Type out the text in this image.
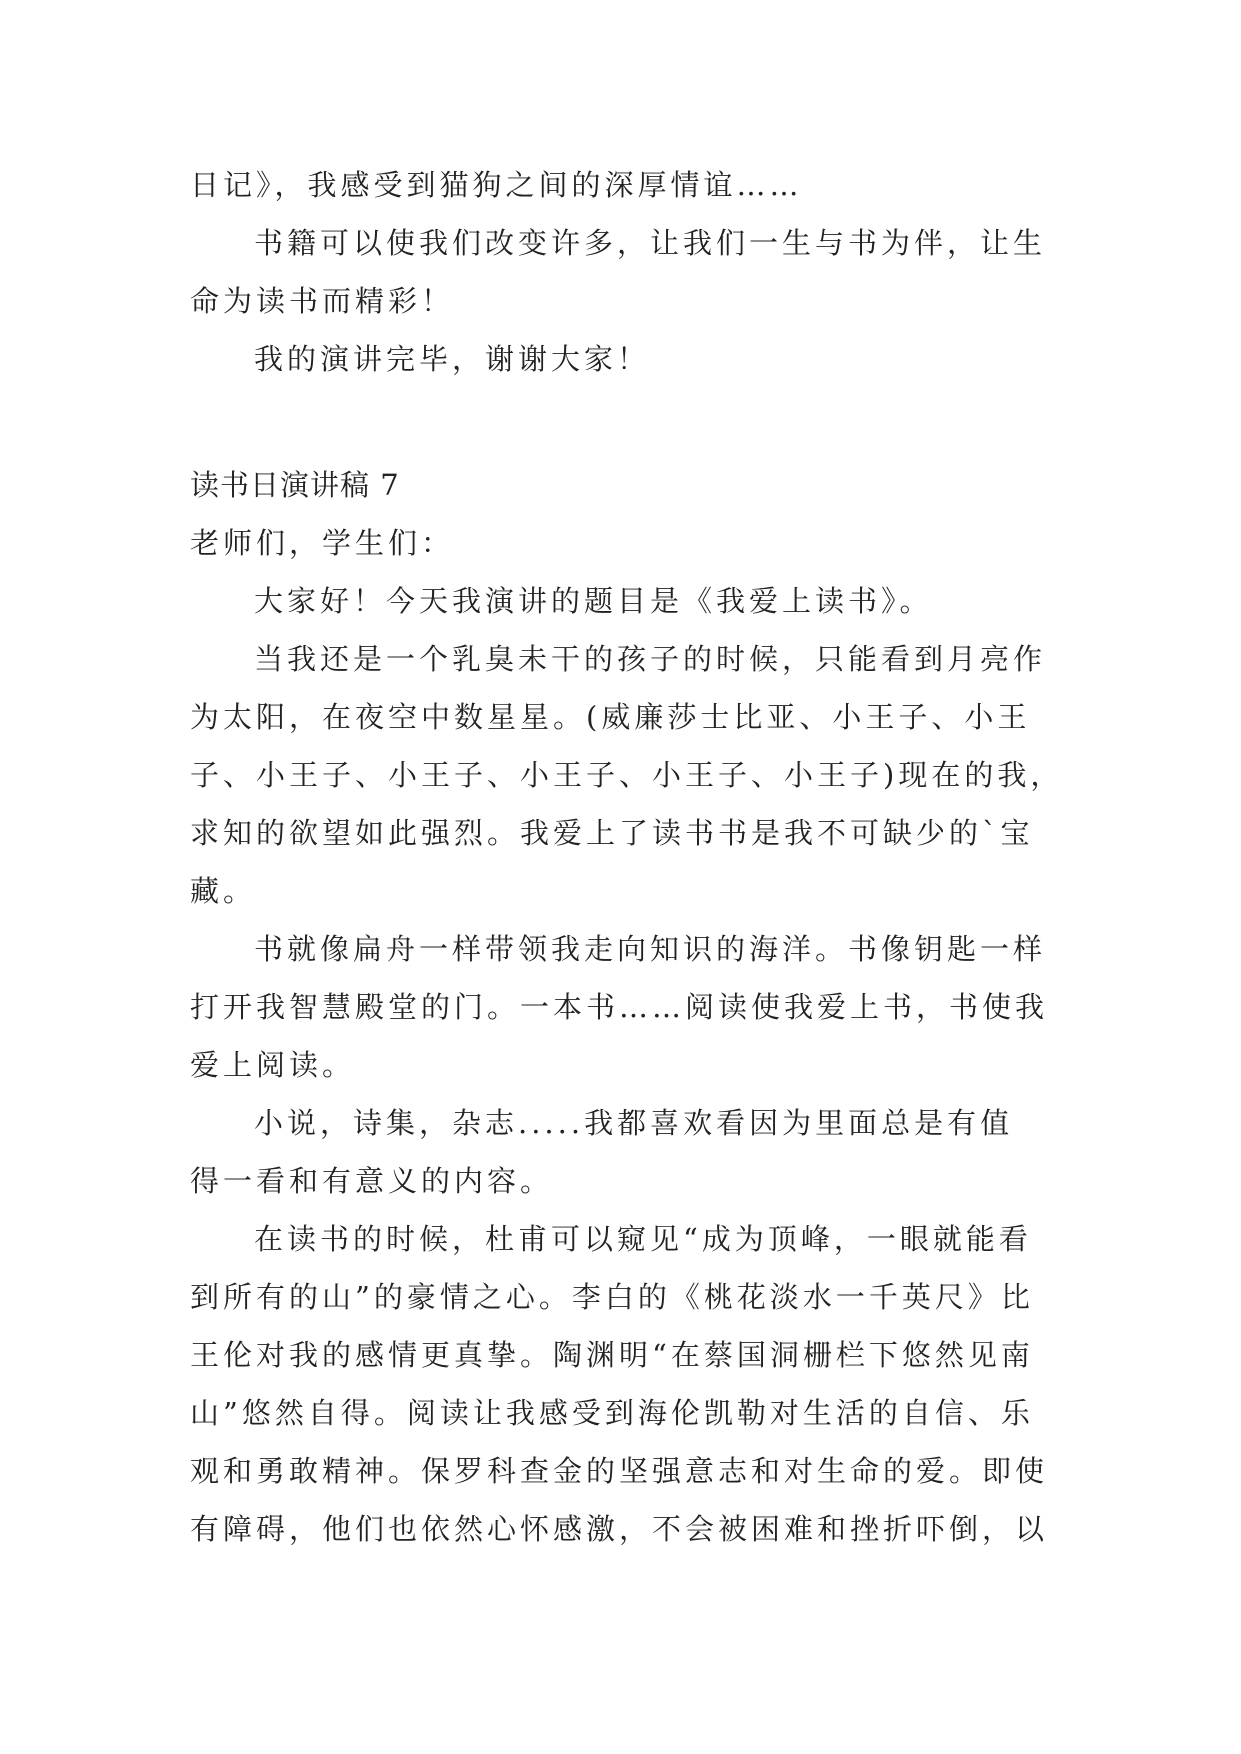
日记》，我感受到猫狗之间的深厚情谊……
书籍可以使我们改变许多，让我们一生与书为伴，让生
命为读书而精彩！
我的演讲完毕，谢谢大家！
读书日演讲稿 7
老师们，学生们：
大家好！今天我演讲的题目是《我爱上读书》。
当我还是一个乳臭未干的孩子的时候，只能看到月亮作
为太阳，在夜空中数星星。(威廉莎士比亚、小王子、小王
子、小王子、小王子、小王子、小王子、小王子)现在的我，
求知的欲望如此强烈。我爱上了读书书是我不可缺少的`宝
藏。
书就像扁舟一样带领我走向知识的海洋。书像钥匙一样
打开我智慧殿堂的门。一本书……阅读使我爱上书，书使我
爱上阅读。
小说，诗集，杂志.....我都喜欢看因为里面总是有值
得一看和有意义的内容。
在读书的时候，杜甫可以窥见“成为顶峰，一眼就能看
到所有的山”的豪情之心。李白的《桃花淡水一千英尺》比
王伦对我的感情更真挚。陶渊明“在蔡国洞栅栏下悠然见南
山”悠然自得。阅读让我感受到海伦凯勒对生活的自信、乐
观和勇敢精神。保罗科查金的坚强意志和对生命的爱。即使
有障碍，他们也依然心怀感激，不会被困难和挫折吓倒，以
